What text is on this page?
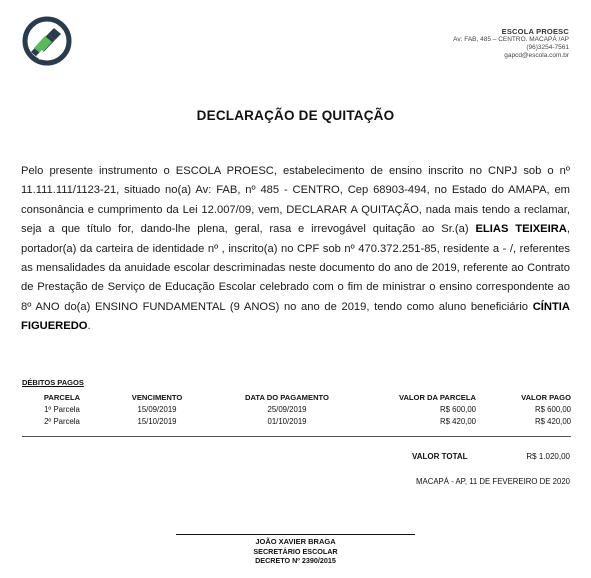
ESCOLA PROESC
Av: FAB, 485 – CENTRO. MACAPÁ /AP
(96)3254-7561
gapcd@escola.com.br
DECLARAÇÃO DE QUITAÇÃO
Pelo presente instrumento o ESCOLA PROESC, estabelecimento de ensino inscrito no CNPJ sob o nº 11.111.111/1123-21, situado no(a) Av: FAB, nº 485 - CENTRO, Cep 68903-494, no Estado do AMAPA, em consonância e cumprimento da Lei 12.007/09, vem, DECLARAR A QUITAÇÃO, nada mais tendo a reclamar, seja a que título for, dando-lhe plena, geral, rasa e irrevogável quitação ao Sr.(a) ELIAS TEIXEIRA, portador(a) da carteira de identidade nº , inscrito(a) no CPF sob nº 470.372.251-85, residente a - /, referentes as mensalidades da anuidade escolar descriminadas neste documento do ano de 2019, referente ao Contrato de Prestação de Serviço de Educação Escolar celebrado com o fim de ministrar o ensino correspondente ao 8º ANO do(a) ENSINO FUNDAMENTAL (9 ANOS) no ano de 2019, tendo como aluno beneficiário CÍNTIA FIGUEREDO.
DÉBITOS PAGOS
PARCELA	VENCIMENTO	DATA DO PAGAMENTO	VALOR DA PARCELA	VALOR PAGO
1º Parcela	15/09/2019	25/09/2019	R$ 600,00	R$ 600,00
2º Parcela	15/10/2019	01/10/2019	R$ 420,00	R$ 420,00
VALOR TOTAL	R$ 1.020,00
MACAPÁ - AP, 11 DE FEVEREIRO DE 2020
JOÃO XAVIER BRAGA
SECRETÁRIO ESCOLAR
DECRETO Nº 2390/2015
